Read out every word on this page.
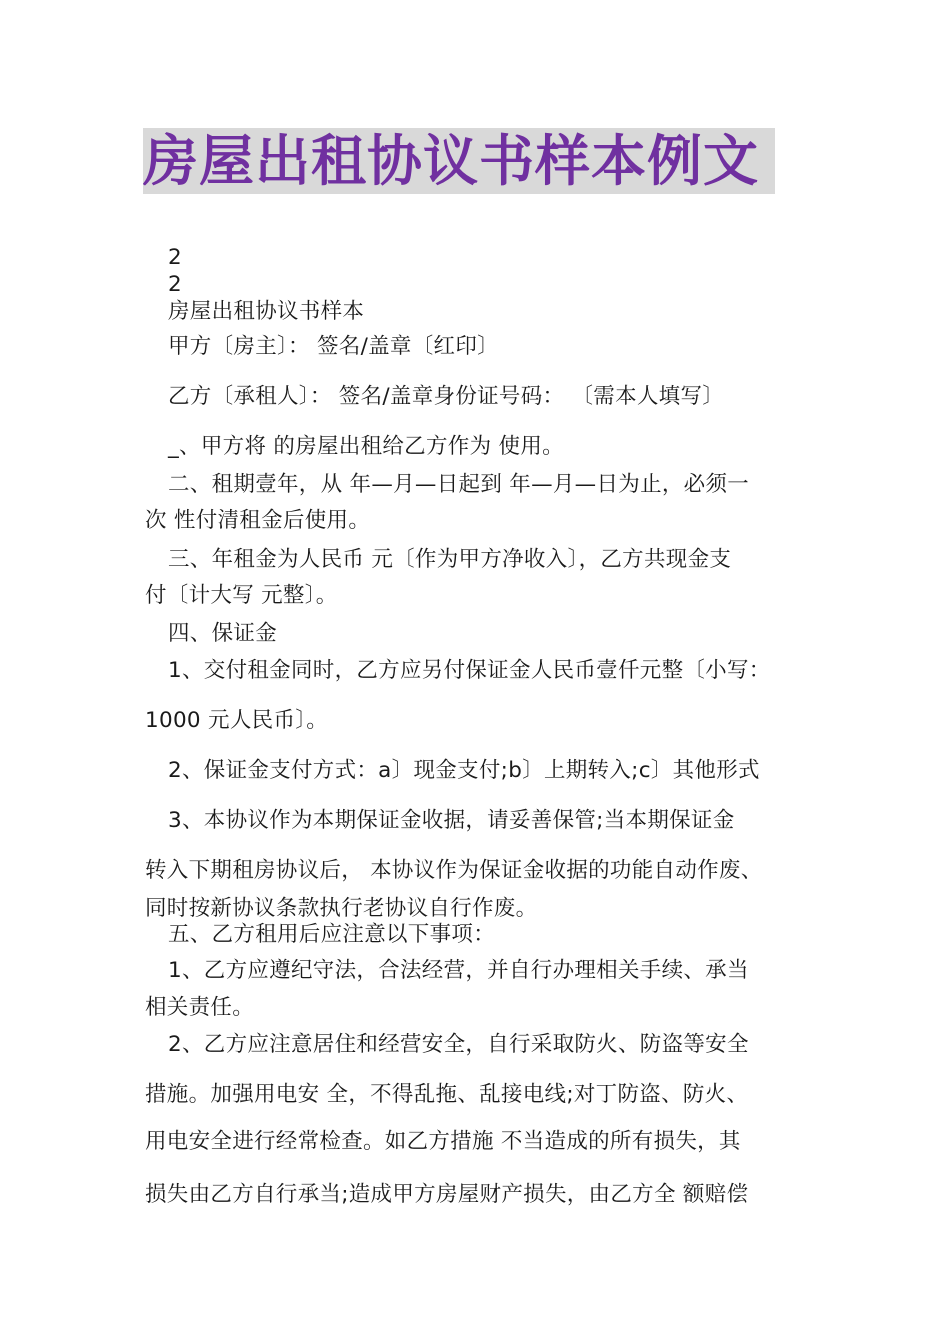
房屋出租协议书样本例文
2
2
房屋出租协议书样本
甲方〔房主〕： 签名/盖章〔红印〕
乙方〔承租人〕： 签名/盖章身份证号码： 〔需本人填写〕
_、甲方将 的房屋出租给乙方作为 使用。
二、租期壹年，从 年—月—日起到 年—月—日为止，必须一
次 性付清租金后使用。
三、年租金为人民币 元〔作为甲方净收入〕，乙方共现金支
付〔计大写 元整〕。
四、保证金
1、交付租金同时，乙方应另付保证金人民币壹仟元整〔小写：
1000 元人民币〕。
2、保证金支付方式：a〕现金支付;b〕上期转入;c〕其他形式
3、本协议作为本期保证金收据，请妥善保管;当本期保证金
转入下期租房协议后， 本协议作为保证金收据的功能自动作废、
同时按新协议条款执行老协议自行作废。
五、乙方租用后应注意以下事项：
1、乙方应遵纪守法，合法经营，并自行办理相关手续、承当
相关责任。
2、乙方应注意居住和经营安全，自行采取防火、防盗等安全
措施。加强用电安 全，不得乱拖、乱接电线;对丁防盗、防火、
用电安全进行经常检查。如乙方措施 不当造成的所有损失，其
损失由乙方自行承当;造成甲方房屋财产损失，由乙方全 额赔偿
